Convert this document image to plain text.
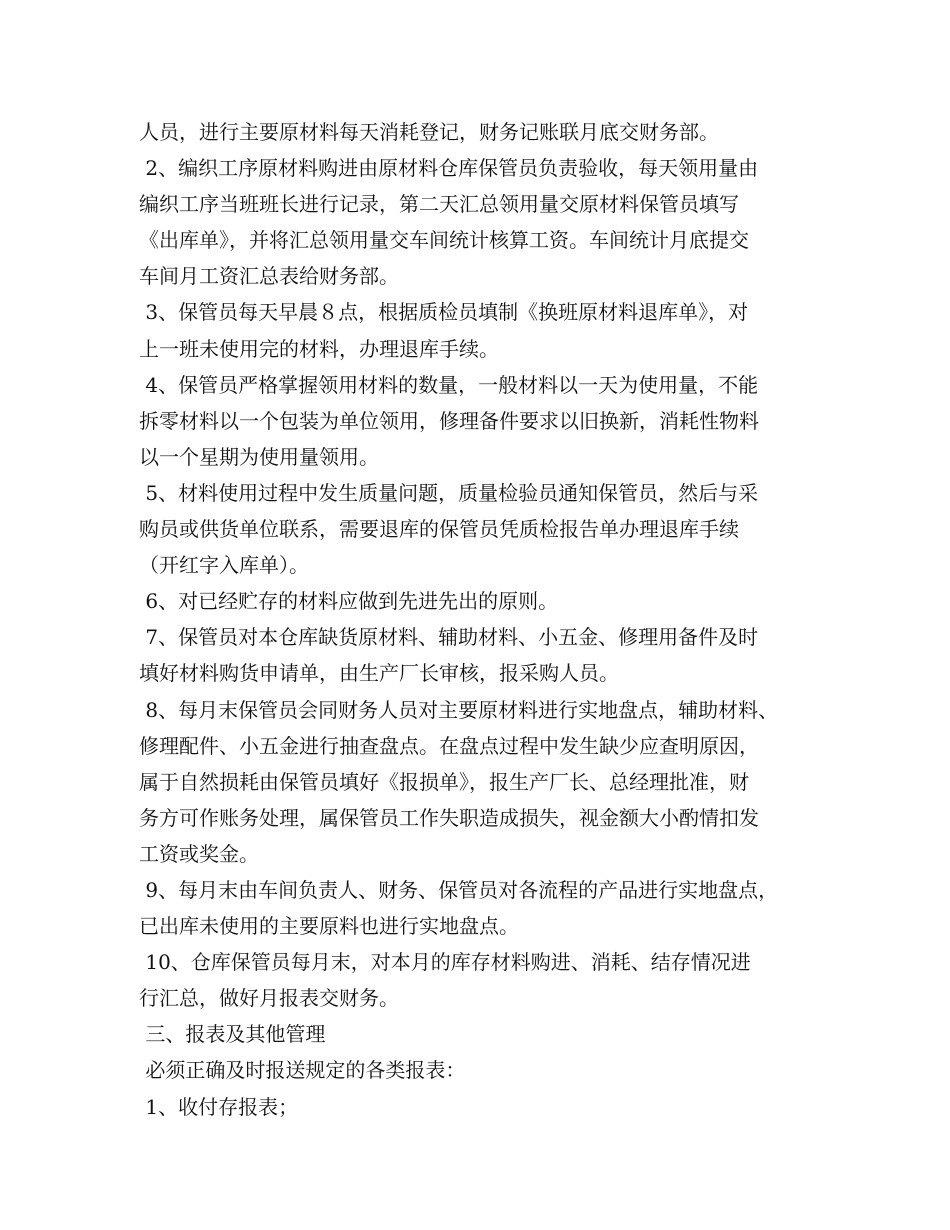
人员，进行主要原材料每天消耗登记，财务记账联月底交财务部。
2、编织工序原材料购进由原材料仓库保管员负责验收，每天领用量由
编织工序当班班长进行记录，第二天汇总领用量交原材料保管员填写
《出库单》，并将汇总领用量交车间统计核算工资。车间统计月底提交
车间月工资汇总表给财务部。
3、保管员每天早晨８点，根据质检员填制《换班原材料退库单》，对
上一班未使用完的材料，办理退库手续。
4、保管员严格掌握领用材料的数量，一般材料以一天为使用量，不能
拆零材料以一个包装为单位领用，修理备件要求以旧换新，消耗性物料
以一个星期为使用量领用。
5、材料使用过程中发生质量问题，质量检验员通知保管员，然后与采
购员或供货单位联系，需要退库的保管员凭质检报告单办理退库手续
（开红字入库单）。
6、对已经贮存的材料应做到先进先出的原则。
7、保管员对本仓库缺货原材料、辅助材料、小五金、修理用备件及时
填好材料购货申请单，由生产厂长审核，报采购人员。
8、每月末保管员会同财务人员对主要原材料进行实地盘点，辅助材料、
修理配件、小五金进行抽查盘点。在盘点过程中发生缺少应查明原因，
属于自然损耗由保管员填好《报损单》，报生产厂长、总经理批准，财
务方可作账务处理，属保管员工作失职造成损失，视金额大小酌情扣发
工资或奖金。
9、每月末由车间负责人、财务、保管员对各流程的产品进行实地盘点，
已出库未使用的主要原料也进行实地盘点。
10、仓库保管员每月末，对本月的库存材料购进、消耗、结存情况进
行汇总，做好月报表交财务。
三、报表及其他管理
必须正确及时报送规定的各类报表：
1、收付存报表；
